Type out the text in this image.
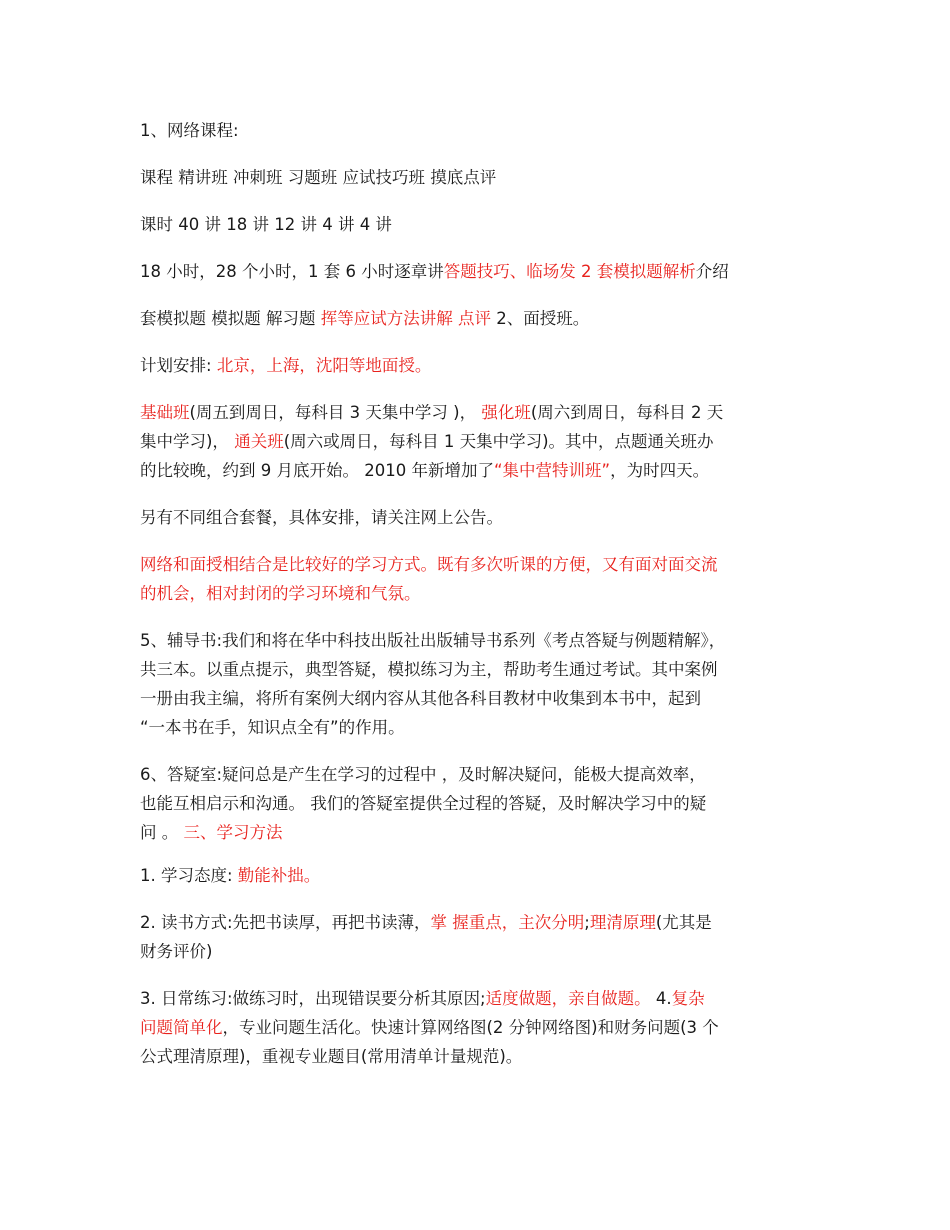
1、网络课程:
课程 精讲班 冲刺班 习题班 应试技巧班 摸底点评
课时 40 讲 18 讲 12 讲 4 讲 4 讲
18 小时，28 个小时，1 套 6 小时逐章讲答题技巧、临场发 2 套模拟题解析介绍
套模拟题 模拟题 解习题 挥等应试方法讲解 点评 2、面授班。
计划安排: 北京，上海，沈阳等地面授。
基础班(周五到周日，每科目 3 天集中学习 )， 强化班(周六到周日，每科目 2 天
集中学习)， 通关班(周六或周日，每科目 1 天集中学习)。其中，点题通关班办
的比较晚，约到 9 月底开始。 2010 年新增加了“集中营特训班”，为时四天。
另有不同组合套餐，具体安排，请关注网上公告。
网络和面授相结合是比较好的学习方式。既有多次听课的方便，又有面对面交流
的机会，相对封闭的学习环境和气氛。
5、辅导书:我们和将在华中科技出版社出版辅导书系列《考点答疑与例题精解》，
共三本。以重点提示，典型答疑，模拟练习为主，帮助考生通过考试。其中案例
一册由我主编，将所有案例大纲内容从其他各科目教材中收集到本书中，起到
“一本书在手，知识点全有”的作用。
6、答疑室:疑问总是产生在学习的过程中 ，及时解决疑问，能极大提高效率，
也能互相启示和沟通。 我们的答疑室提供全过程的答疑，及时解决学习中的疑
问 。 三、学习方法
1. 学习态度: 勤能补拙。
2. 读书方式:先把书读厚，再把书读薄，掌 握重点，主次分明;理清原理(尤其是
财务评价)
3. 日常练习:做练习时，出现错误要分析其原因;适度做题，亲自做题。 4.复杂
问题简单化，专业问题生活化。快速计算网络图(2 分钟网络图)和财务问题(3 个
公式理清原理)，重视专业题目(常用清单计量规范)。
